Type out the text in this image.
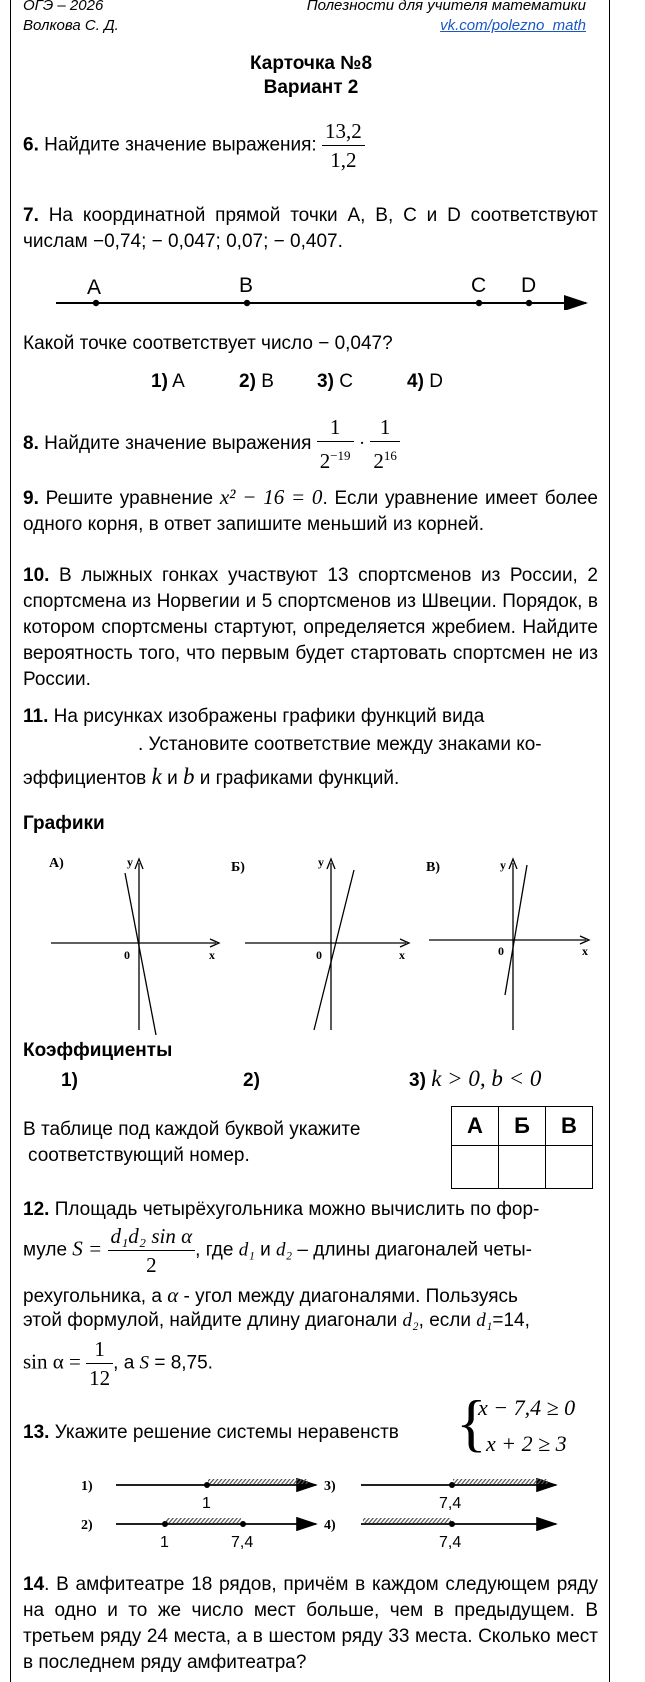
ОГЭ – 2026
Волкова С. Д.
Полезности для учителя математики
vk.com/polezno_math
Карточка №8
Вариант 2
6. Найдите значение выражения: $\frac{13,2}{1,2}$
7. На координатной прямой точки A, B, C и D соответствуют числам −0,74; − 0,047; 0,07; − 0,407.
A	B	C D
Какой точке соответствует число − 0,047?
1) A	2) B 3) C	4) D
8. Найдите значение выражения $\frac{1}{2^{-19}} \cdot \frac{1}{2^{16}}$
9. Решите уравнение x² − 16 = 0. Если уравнение имеет более одного корня, в ответ запишите меньший из корней.
10. В лыжных гонках участвуют 13 спортсменов из России, 2 спортсмена из Норвегии и 5 спортсменов из Швеции. Порядок, в котором спортсмены стартуют, определяется жребием. Найдите вероятность того, что первым будет стартовать спортсмен не из России.
11. На рисунках изображены графики функций вида
. Установите соответствие между знаками ко-
эффициентов k и b и графиками функций.
Графики
А)
0
y
x
Б)
0
y
x
В)
0
y
x
Коэффициенты
1)	2)	3) k > 0, b < 0
В таблице под каждой буквой укажите
соответствующий номер.
А	Б	В

12. Площадь четырёхугольника можно вычислить по фор-
муле $S = \frac{\text{d₁d₂ sin α}}{2}$ , где d₁ и d₂ – длины диагоналей четы-
рехугольника, а α - угол между диагоналями. Пользуясь
этой формулой, найдите длину диагонали d₂, если d₁=14,
$\sin \alpha = \frac{1}{12}$ , а S = 8,75.
13. Укажите решение системы неравенств {
x − 7,4 ≥ 0
x + 2 ≥ 3
1)
1
3)
7,4
2)
1	7,4
4)
7,4
14. В амфитеатре 18 рядов, причём в каждом следующем ряду на одно и то же число мест больше, чем в предыдущем. В третьем ряду 24 места, а в шестом ряду 33 места. Сколько мест в последнем ряду амфитеатра?
